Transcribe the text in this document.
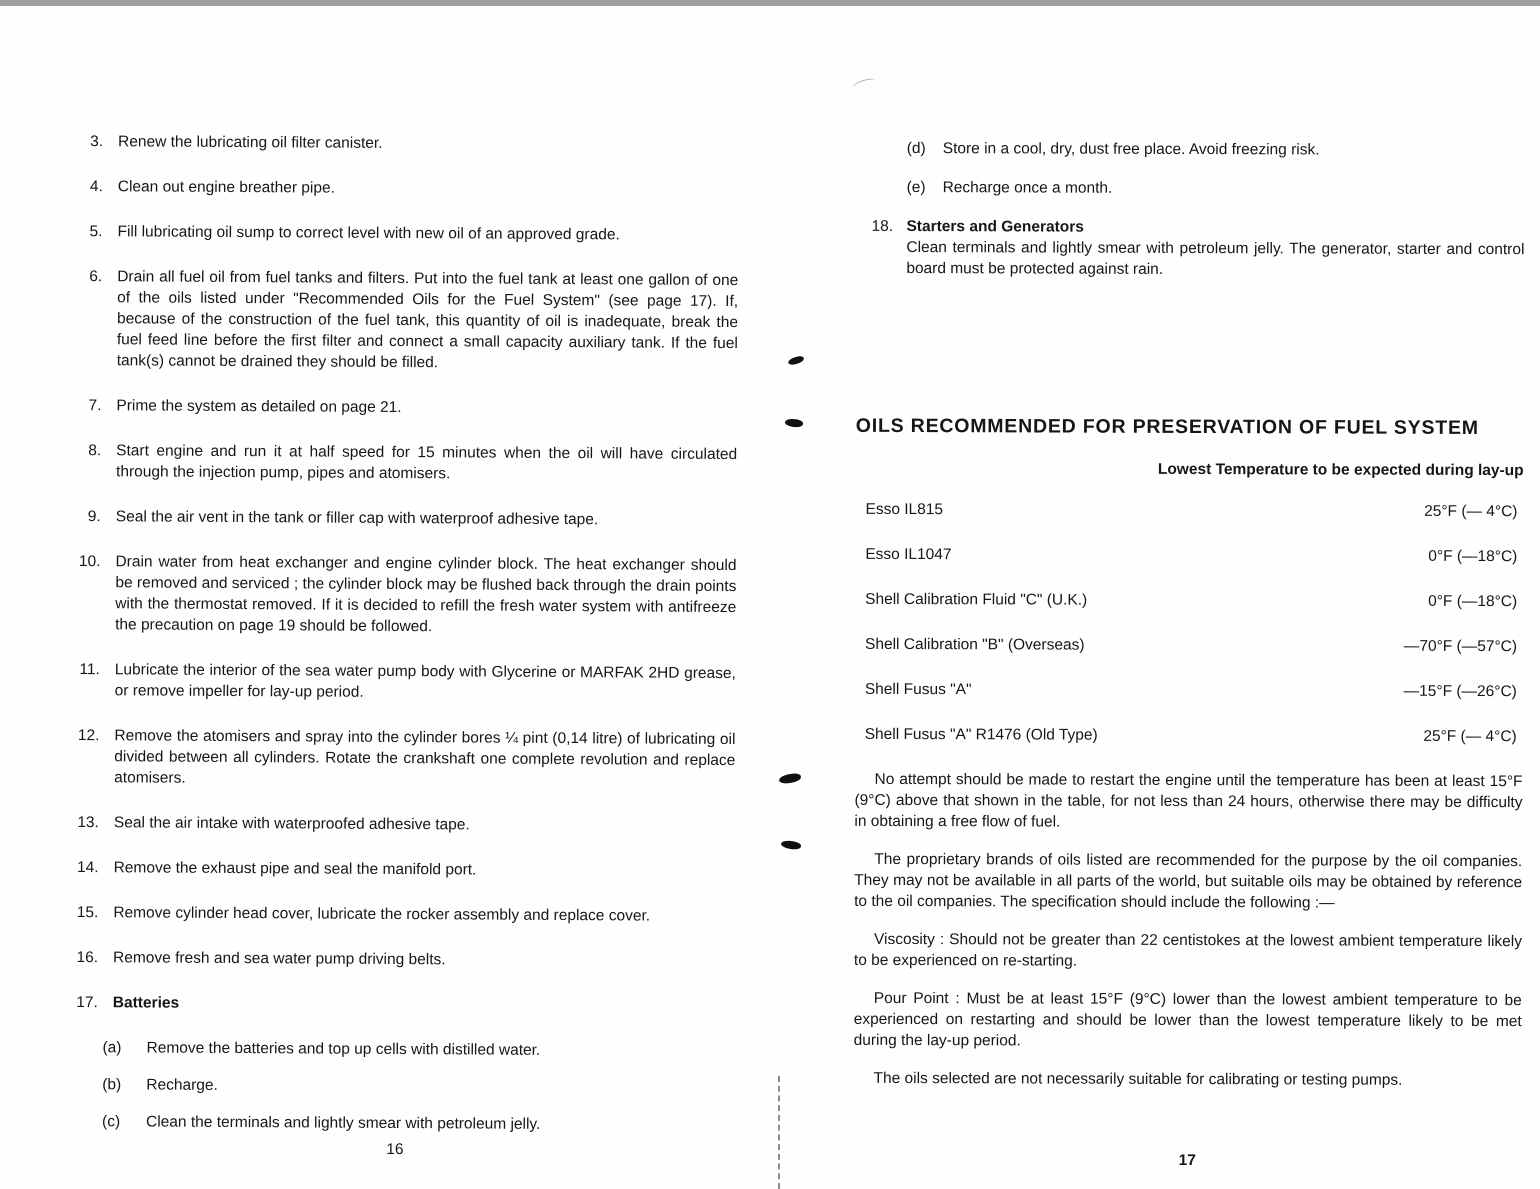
3. Renew the lubricating oil filter canister.
4. Clean out engine breather pipe.
5. Fill lubricating oil sump to correct level with new oil of an approved grade.
6. Drain all fuel oil from fuel tanks and filters. Put into the fuel tank at least one gallon of one of the oils listed under "Recommended Oils for the Fuel System" (see page 17). If, because of the construction of the fuel tank, this quantity of oil is inadequate, break the fuel feed line before the first filter and connect a small capacity auxiliary tank. If the fuel tank(s) cannot be drained they should be filled.
7. Prime the system as detailed on page 21.
8. Start engine and run it at half speed for 15 minutes when the oil will have circulated through the injection pump, pipes and atomisers.
9. Seal the air vent in the tank or filler cap with waterproof adhesive tape.
10. Drain water from heat exchanger and engine cylinder block. The heat exchanger should be removed and serviced ; the cylinder block may be flushed back through the drain points with the thermostat removed. If it is decided to refill the fresh water system with antifreeze the precaution on page 19 should be followed.
11. Lubricate the interior of the sea water pump body with Glycerine or MARFAK 2HD grease, or remove impeller for lay-up period.
12. Remove the atomisers and spray into the cylinder bores ¼ pint (0,14 litre) of lubricating oil divided between all cylinders. Rotate the crankshaft one complete revolution and replace atomisers.
13. Seal the air intake with waterproofed adhesive tape.
14. Remove the exhaust pipe and seal the manifold port.
15. Remove cylinder head cover, lubricate the rocker assembly and replace cover.
16. Remove fresh and sea water pump driving belts.
17. Batteries
(a)	Remove the batteries and top up cells with distilled water.
(b)	Recharge.
(c)	Clean the terminals and lightly smear with petroleum jelly.
16
(d)	Store in a cool, dry, dust free place. Avoid freezing risk.
(e)	Recharge once a month.
18. Starters and Generators
Clean terminals and lightly smear with petroleum jelly. The generator, starter and control board must be protected against rain.
OILS RECOMMENDED FOR PRESERVATION OF FUEL SYSTEM
Lowest Temperature to be expected during lay-up
Esso IL815	25°F (— 4°C)
Esso IL1047	0°F (—18°C)
Shell Calibration Fluid "C" (U.K.)	0°F (—18°C)
Shell Calibration "B" (Overseas)	—70°F (—57°C)
Shell Fusus "A"	—15°F (—26°C)
Shell Fusus "A" R1476 (Old Type)	25°F (— 4°C)

No attempt should be made to restart the engine until the temperature has been at least 15°F (9°C) above that shown in the table, for not less than 24 hours, otherwise there may be difficulty in obtaining a free flow of fuel.

The proprietary brands of oils listed are recommended for the purpose by the oil companies. They may not be available in all parts of the world, but suitable oils may be obtained by reference to the oil companies. The specification should include the following :—

Viscosity : Should not be greater than 22 centistokes at the lowest ambient temperature likely to be experienced on re-starting.

Pour Point : Must be at least 15°F (9°C) lower than the lowest ambient temperature to be experienced on restarting and should be lower than the lowest temperature likely to be met during the lay-up period.

The oils selected are not necessarily suitable for calibrating or testing pumps.

17
